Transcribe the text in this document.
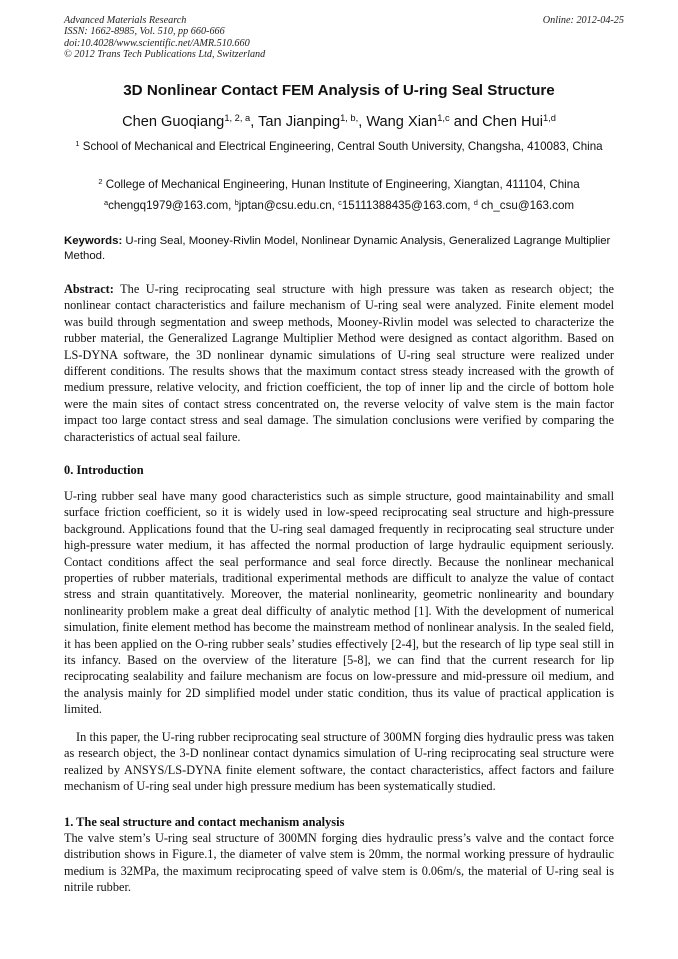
Advanced Materials Research
ISSN: 1662-8985, Vol. 510, pp 660-666
doi:10.4028/www.scientific.net/AMR.510.660
© 2012 Trans Tech Publications Ltd, Switzerland
Online: 2012-04-25
3D Nonlinear Contact FEM Analysis of U-ring Seal Structure
Chen Guoqiang$^{1, 2, a}$, Tan Jianping$^{1, b,}$, Wang Xian$^{1,c}$ and Chen Hui$^{1,d}$
$^1$ School of Mechanical and Electrical Engineering, Central South University, Changsha, 410083, China
$^2$ College of Mechanical Engineering, Hunan Institute of Engineering, Xiangtan, 411104, China
$^a$chengq1979@163.com, $^b$jptan@csu.edu.cn, $^c$15111388435@163.com, $^d$ ch_csu@163.com
Keywords: U-ring Seal, Mooney-Rivlin Model, Nonlinear Dynamic Analysis, Generalized Lagrange Multiplier Method.
Abstract: The U-ring reciprocating seal structure with high pressure was taken as research object; the nonlinear contact characteristics and failure mechanism of U-ring seal were analyzed. Finite element model was build through segmentation and sweep methods, Mooney-Rivlin model was selected to characterize the rubber material, the Generalized Lagrange Multiplier Method were designed as contact algorithm. Based on LS-DYNA software, the 3D nonlinear dynamic simulations of U-ring seal structure were realized under different conditions. The results shows that the maximum contact stress steady increased with the growth of medium pressure, relative velocity, and friction coefficient, the top of inner lip and the circle of bottom hole were the main sites of contact stress concentrated on, the reverse velocity of valve stem is the main factor impact too large contact stress and seal damage. The simulation conclusions were verified by comparing the characteristics of actual seal failure.
0. Introduction
U-ring rubber seal have many good characteristics such as simple structure, good maintainability and small surface friction coefficient, so it is widely used in low-speed reciprocating seal structure and high-pressure background. Applications found that the U-ring seal damaged frequently in reciprocating seal structure under high-pressure water medium, it has affected the normal production of large hydraulic equipment seriously. Contact conditions affect the seal performance and seal force directly. Because the nonlinear mechanical properties of rubber materials, traditional experimental methods are difficult to analyze the value of contact stress and strain quantitatively. Moreover, the material nonlinearity, geometric nonlinearity and boundary nonlinearity problem make a great deal difficulty of analytic method [1]. With the development of numerical simulation, finite element method has become the mainstream method of nonlinear analysis. In the sealed field, it has been applied on the O-ring rubber seals’ studies effectively [2-4], but the research of lip type seal still in its infancy. Based on the overview of the literature [5-8], we can find that the current research for lip reciprocating sealability and failure mechanism are focus on low-pressure and mid-pressure oil medium, and the analysis mainly for 2D simplified model under static condition, thus its value of practical application is limited.
In this paper, the U-ring rubber reciprocating seal structure of 300MN forging dies hydraulic press was taken as research object, the 3-D nonlinear contact dynamics simulation of U-ring reciprocating seal structure were realized by ANSYS/LS-DYNA finite element software, the contact characteristics, affect factors and failure mechanism of U-ring seal under high pressure medium has been systematically studied.
1. The seal structure and contact mechanism analysis
The valve stem’s U-ring seal structure of 300MN forging dies hydraulic press’s valve and the contact force distribution shows in Figure.1, the diameter of valve stem is 20mm, the normal working pressure of hydraulic medium is 32MPa, the maximum reciprocating speed of valve stem is 0.06m/s, the material of U-ring seal is nitrile rubber.
